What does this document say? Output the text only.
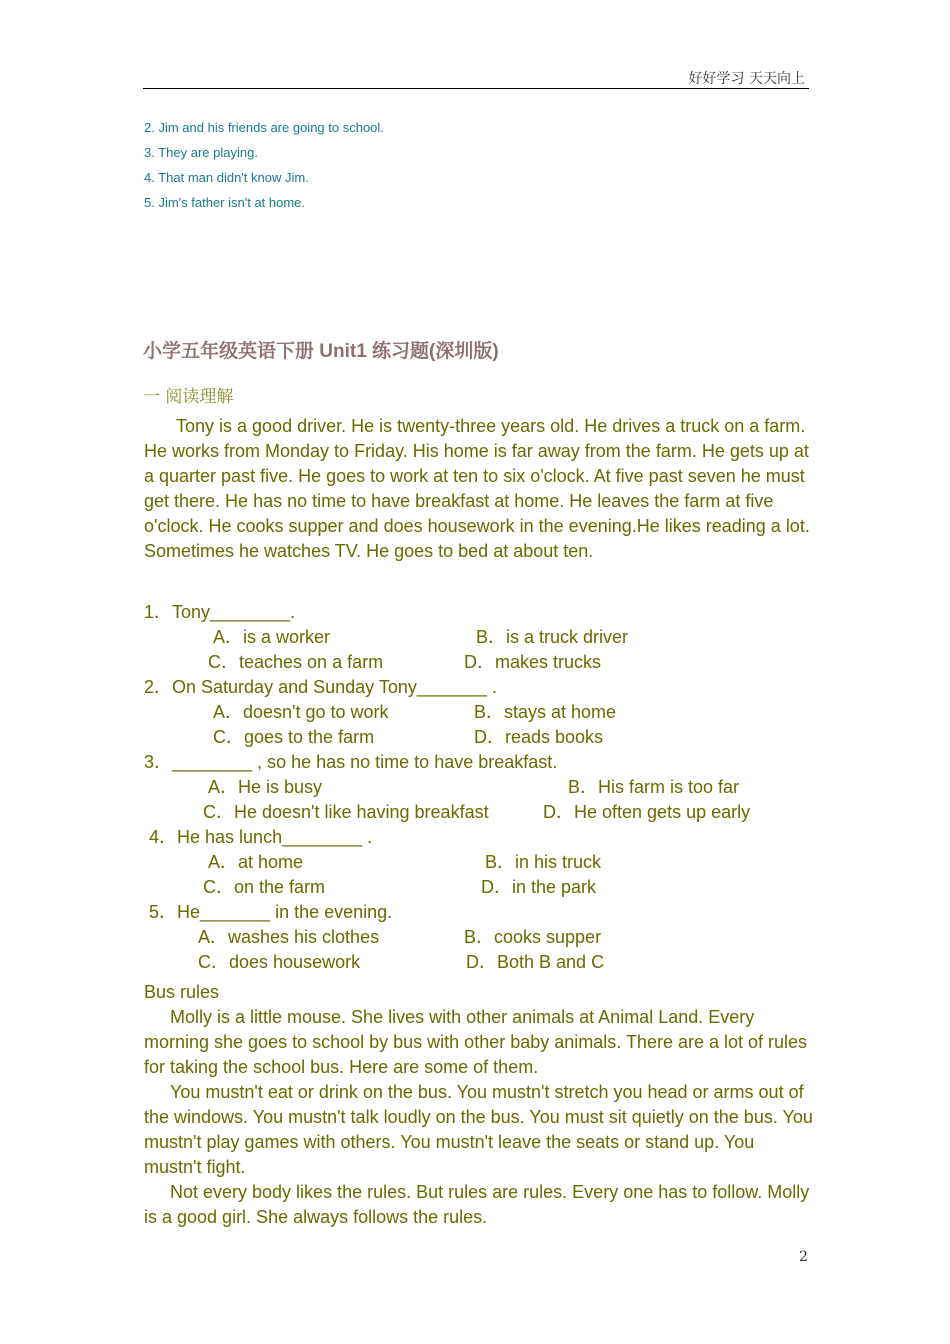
好好学习 天天向上
2. Jim and his friends are going to school.
3. They are playing.
4. That man didn't know Jim.
5. Jim's father isn't at home.
小学五年级英语下册 Unit1 练习题(深圳版)
一 阅读理解

Tony is a good driver. He is twenty-three years old. He drives a truck on a farm. He works from Monday to Friday. His home is far away from the farm. He gets up at a quarter past five. He goes to work at ten to six o'clock. At five past seven he must get there. He has no time to have breakfast at home. He leaves the farm at five o'clock. He cooks supper and does housework in the evening.He likes reading a lot. Sometimes he watches TV. He goes to bed at about ten.

1．Tony________.
A．is a worker	B．is a truck driver
C．teaches on a farm	D．makes trucks
2．On Saturday and Sunday Tony_______ .
A．doesn't go to work	B．stays at home
C．goes to the farm	D．reads books
3．________ , so he has no time to have breakfast.
A．He is busy	B．His farm is too far
C．He doesn't like having breakfast	D．He often gets up early
4．He has lunch________ .
A．at home	B．in his truck
C．on the farm	D．in the park
5．He_______ in the evening.
A．washes his clothes	B．cooks supper
C．does housework	D．Both B and C

Bus rules

Molly is a little mouse. She lives with other animals at Animal Land. Every morning she goes to school by bus with other baby animals. There are a lot of rules for taking the school bus. Here are some of them.

You mustn't eat or drink on the bus. You mustn't stretch you head or arms out of the windows. You mustn't talk loudly on the bus. You must sit quietly on the bus. You mustn't play games with others. You mustn't leave the seats or stand up. You mustn't fight.

Not every body likes the rules. But rules are rules. Every one has to follow. Molly is a good girl. She always follows the rules.

2
